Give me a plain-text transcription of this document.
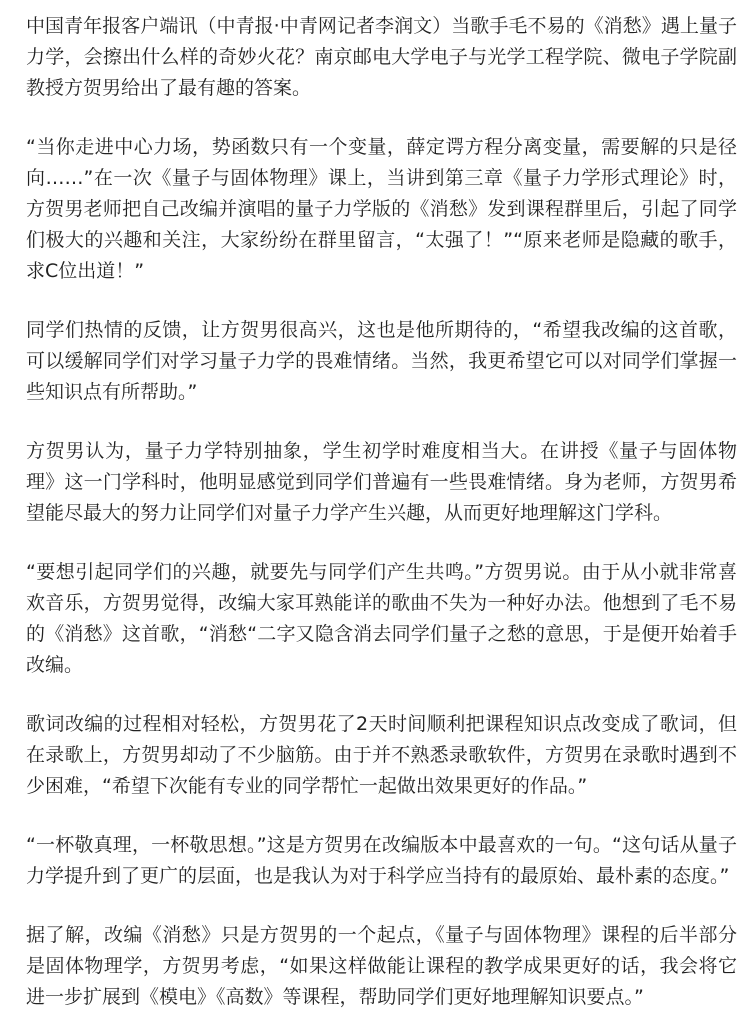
中国青年报客户端讯（中青报·中青网记者李润文）当歌手毛不易的《消愁》遇上量子力学，会擦出什么样的奇妙火花？南京邮电大学电子与光学工程学院、微电子学院副教授方贺男给出了最有趣的答案。

“当你走进中心力场，势函数只有一个变量，薛定谔方程分离变量，需要解的只是径向……”在一次《量子与固体物理》课上，当讲到第三章《量子力学形式理论》时，方贺男老师把自己改编并演唱的量子力学版的《消愁》发到课程群里后，引起了同学们极大的兴趣和关注，大家纷纷在群里留言，“太强了！”“原来老师是隐藏的歌手，求C位出道！”

同学们热情的反馈，让方贺男很高兴，这也是他所期待的，“希望我改编的这首歌，可以缓解同学们对学习量子力学的畏难情绪。当然，我更希望它可以对同学们掌握一些知识点有所帮助。”

方贺男认为，量子力学特别抽象，学生初学时难度相当大。在讲授《量子与固体物理》这一门学科时，他明显感觉到同学们普遍有一些畏难情绪。身为老师，方贺男希望能尽最大的努力让同学们对量子力学产生兴趣，从而更好地理解这门学科。

“要想引起同学们的兴趣，就要先与同学们产生共鸣。”方贺男说。由于从小就非常喜欢音乐，方贺男觉得，改编大家耳熟能详的歌曲不失为一种好办法。他想到了毛不易的《消愁》这首歌，“消愁“二字又隐含消去同学们量子之愁的意思，于是便开始着手改编。

歌词改编的过程相对轻松，方贺男花了2天时间顺利把课程知识点改变成了歌词，但在录歌上，方贺男却动了不少脑筋。由于并不熟悉录歌软件，方贺男在录歌时遇到不少困难，“希望下次能有专业的同学帮忙一起做出效果更好的作品。”

“一杯敬真理，一杯敬思想。”这是方贺男在改编版本中最喜欢的一句。“这句话从量子力学提升到了更广的层面，也是我认为对于科学应当持有的最原始、最朴素的态度。”

据了解，改编《消愁》只是方贺男的一个起点，《量子与固体物理》课程的后半部分是固体物理学，方贺男考虑，“如果这样做能让课程的教学成果更好的话，我会将它进一步扩展到《模电》《高数》等课程，帮助同学们更好地理解知识要点。”
